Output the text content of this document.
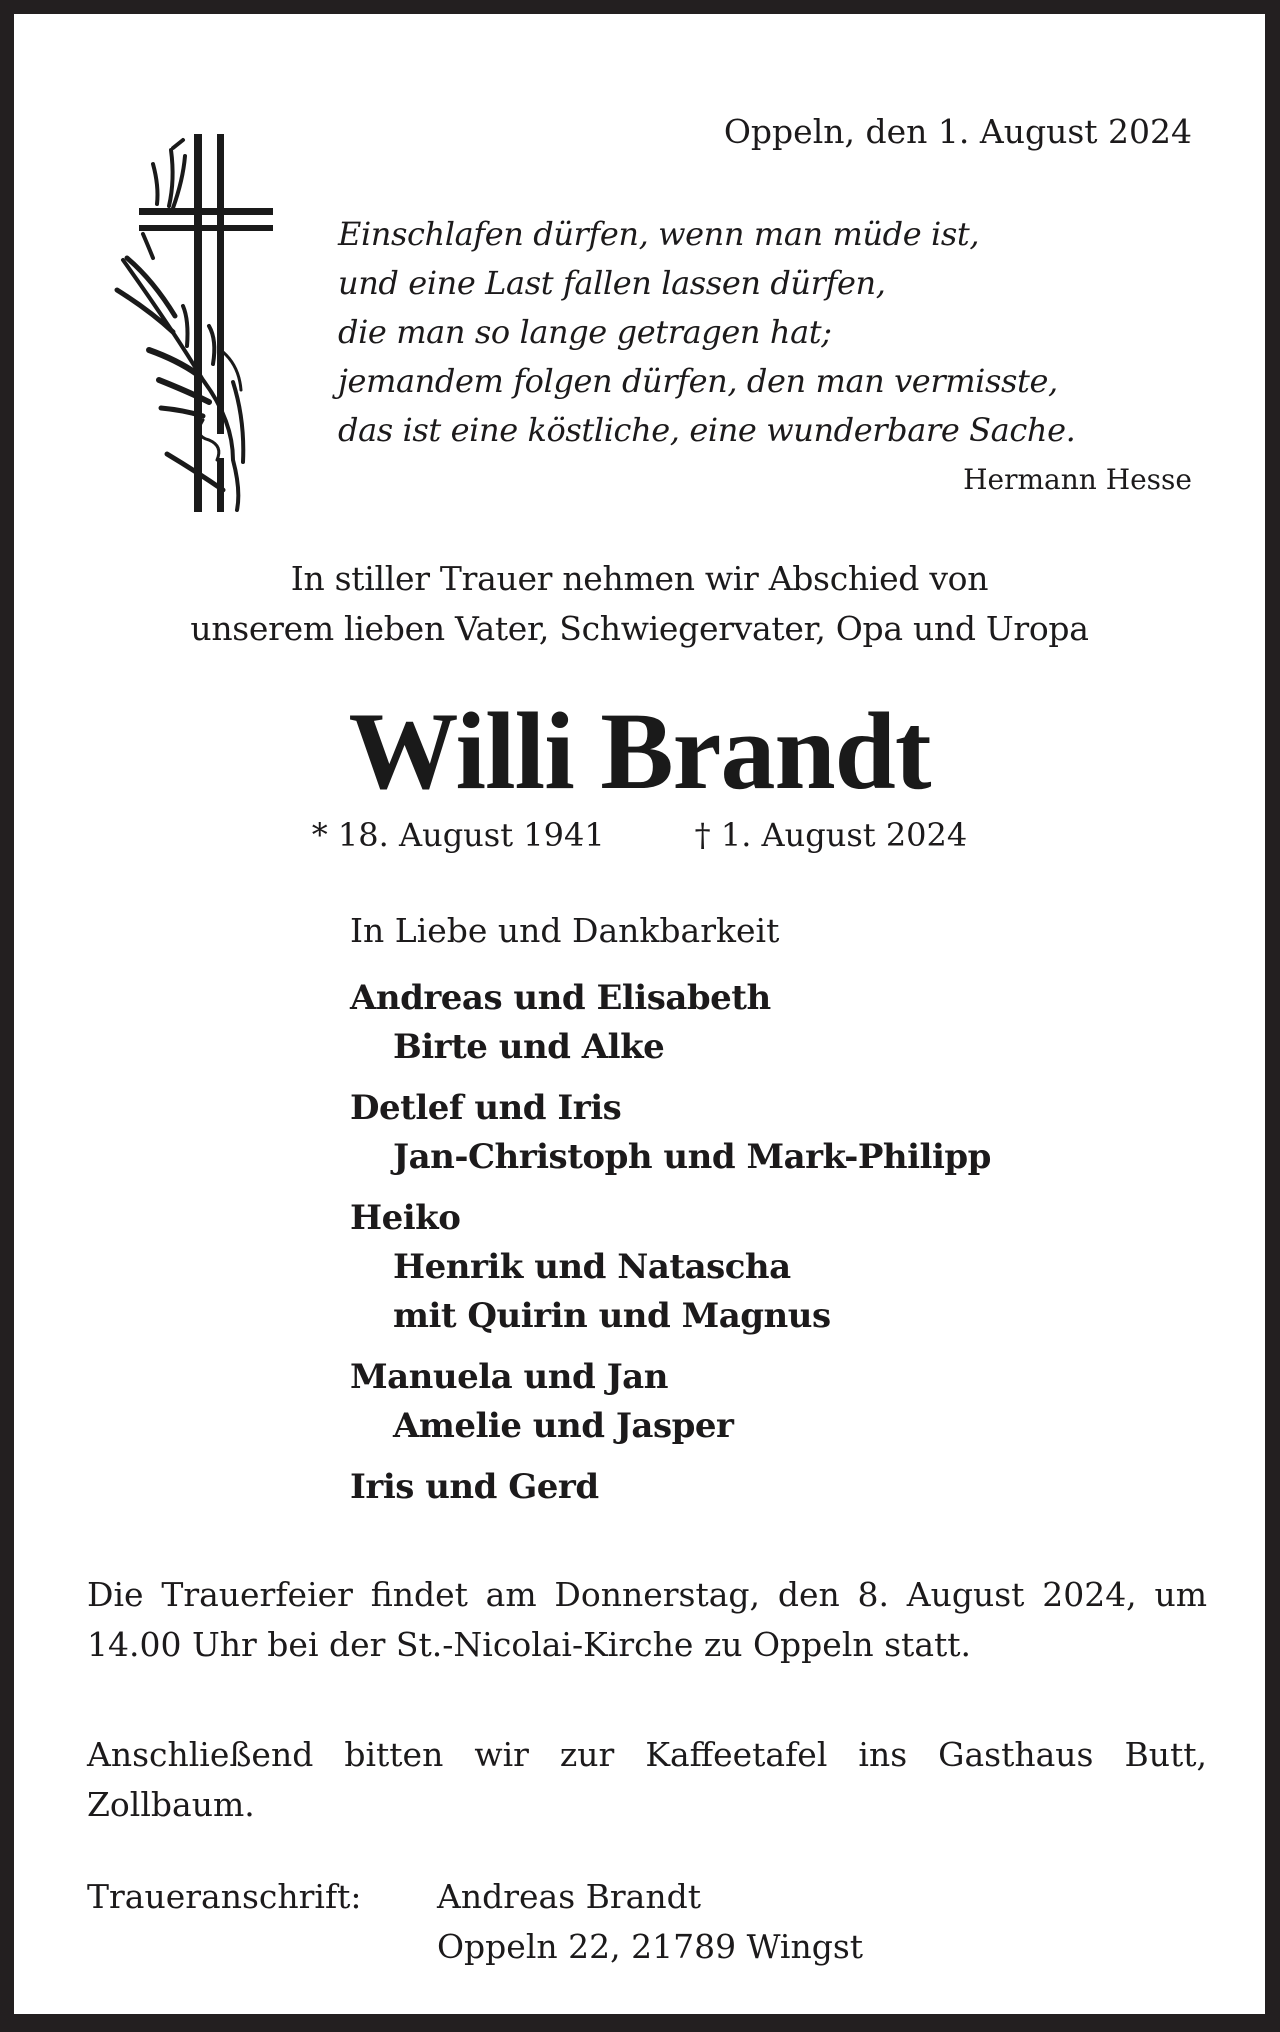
Oppeln, den 1. August 2024
Einschlafen dürfen, wenn man müde ist,
und eine Last fallen lassen dürfen,
die man so lange getragen hat;
jemandem folgen dürfen, den man vermisste,
das ist eine köstliche, eine wunderbare Sache.
Hermann Hesse
In stiller Trauer nehmen wir Abschied von
unserem lieben Vater, Schwiegervater, Opa und Uropa
Willi Brandt
* 18. August 1941	† 1. August 2024
In Liebe und Dankbarkeit
Andreas und Elisabeth
Birte und Alke
Detlef und Iris
Jan-Christoph und Mark-Philipp
Heiko
Henrik und Natascha
mit Quirin und Magnus
Manuela und Jan
Amelie und Jasper
Iris und Gerd
Die Trauerfeier findet am Donnerstag, den 8. August 2024, um 14.00 Uhr bei der St.-Nicolai-Kirche zu Oppeln statt.
Anschließend bitten wir zur Kaffeetafel ins Gasthaus Butt, Zollbaum.
Traueranschrift:	Andreas Brandt
Oppeln 22, 21789 Wingst
